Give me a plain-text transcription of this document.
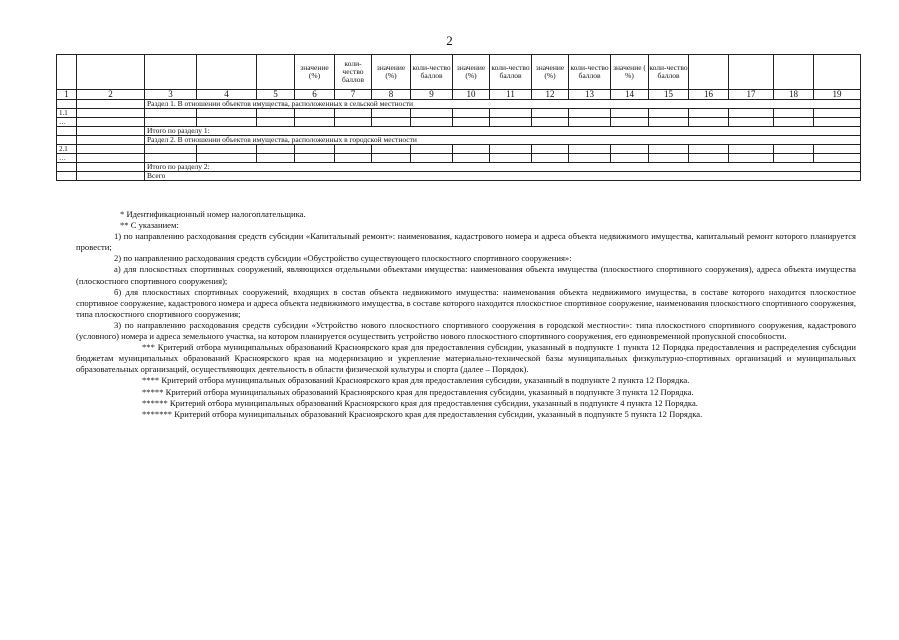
2
					значение (%)	коли-чество баллов	значение (%)	коли-чество баллов	значение (%)	коли-чество баллов	значение (%)	коли-чество баллов	значение ( %)	коли-чество баллов				
1	2	3	4	5	6	7	8	9	10	11	12	13	14	15	16	17	18	19
		Раздел 1. В отношении объектов имущества, расположенных в сельской местности																
1.1																		
…																		
		Итого по разделу 1:																
		Раздел 2. В отношении объектов имущества, расположенных в городской местности																
2.1																		
…																		
		Итого по разделу 2:																
		Всего																

* Идентификационный номер налогоплательщика.

** С указанием:

1) по направлению расходования средств субсидии «Капитальный ремонт»: наименования, кадастрового номера и адреса объекта недвижимого имущества, капитальный ремонт которого планируется провести;

2) по направлению расходования средств субсидии «Обустройство существующего плоскостного спортивного сооружения»:

а) для плоскостных спортивных сооружений, являющихся отдельными объектами имущества: наименования объекта имущества (плоскостного спортивного сооружения), адреса объекта имущества (плоскостного спортивного сооружения);

б) для плоскостных спортивных сооружений, входящих в состав объекта недвижимого имущества: наименования объекта недвижимого имущества, в составе которого находится плоскостное спортивное сооружение, кадастрового номера и адреса объекта недвижимого имущества, в составе которого находится плоскостное спортивное сооружение, наименования плоскостного спортивного сооружения, типа плоскостного спортивного сооружения;

3) по направлению расходования средств субсидии «Устройство нового плоскостного спортивного сооружения в городской местности»: типа плоскостного спортивного сооружения, кадастрового (условного) номера и адреса земельного участка, на котором планируется осуществить устройство нового плоскостного спортивного сооружения, его единовременной пропускной способности.

*** Критерий отбора муниципальных образований Красноярского края для предоставления субсидии, указанный в подпункте 1 пункта 12 Порядка предоставления и распределения субсидии бюджетам муниципальных образований Красноярского края на модернизацию и укрепление материально-технической базы муниципальных физкультурно-спортивных организаций и муниципальных образовательных организаций, осуществляющих деятельность в области физической культуры и спорта (далее – Порядок).

**** Критерий отбора муниципальных образований Красноярского края для предоставления субсидии, указанный в подпункте 2 пункта 12 Порядка.

***** Критерий отбора муниципальных образований Красноярского края для предоставления субсидии, указанный в подпункте 3 пункта 12 Порядка.

****** Критерий отбора муниципальных образований Красноярского края для предоставления субсидии, указанный в подпункте 4 пункта 12 Порядка.

******* Критерий отбора муниципальных образований Красноярского края для предоставления субсидии, указанный в подпункте 5 пункта 12 Порядка.
